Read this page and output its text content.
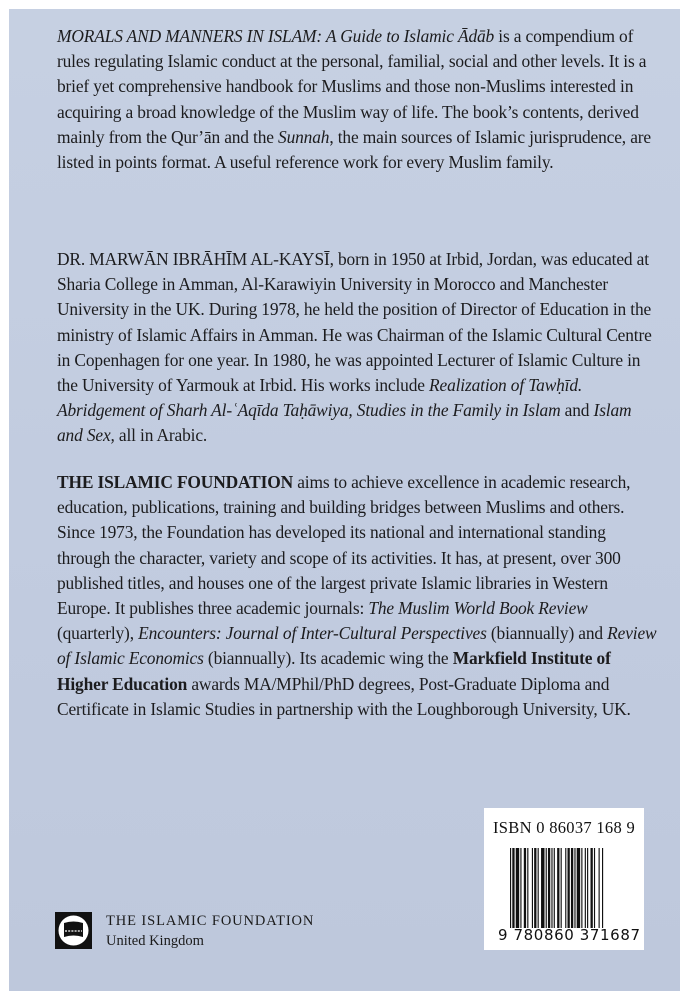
MORALS AND MANNERS IN ISLAM: A Guide to Islamic Ādāb is a compendium of rules regulating Islamic conduct at the personal, familial, social and other levels. It is a brief yet comprehensive handbook for Muslims and those non-Muslims interested in acquiring a broad knowledge of the Muslim way of life. The book’s contents, derived mainly from the Qur’ān and the Sunnah, the main sources of Islamic jurisprudence, are listed in points format. A useful reference work for every Muslim family.

DR. MARWĀN IBRĀHĪM AL-KAYSĪ, born in 1950 at Irbid, Jordan, was educated at Sharia College in Amman, Al-Karawiyin University in Morocco and Manchester University in the UK. During 1978, he held the position of Director of Education in the ministry of Islamic Affairs in Amman. He was Chairman of the Islamic Cultural Centre in Copenhagen for one year. In 1980, he was appointed Lecturer of Islamic Culture in the University of Yarmouk at Irbid. His works include Realization of Tawḥīd. Abridgement of Sharh Al-ʿAqīda Taḥāwiya, Studies in the Family in Islam and Islam and Sex, all in Arabic.

THE ISLAMIC FOUNDATION aims to achieve excellence in academic research, education, publications, training and building bridges between Muslims and others. Since 1973, the Foundation has developed its national and international standing through the character, variety and scope of its activities. It has, at present, over 300 published titles, and houses one of the largest private Islamic libraries in Western Europe. It publishes three academic journals: The Muslim World Book Review (quarterly), Encounters: Journal of Inter-Cultural Perspectives (biannually) and Review of Islamic Economics (biannually). Its academic wing the Markfield Institute of Higher Education awards MA/MPhil/PhD degrees, Post-Graduate Diploma and Certificate in Islamic Studies in partnership with the Loughborough University, UK.

ISBN 0 86037 168 9
9 780860 371687
THE ISLAMIC FOUNDATION
United Kingdom
